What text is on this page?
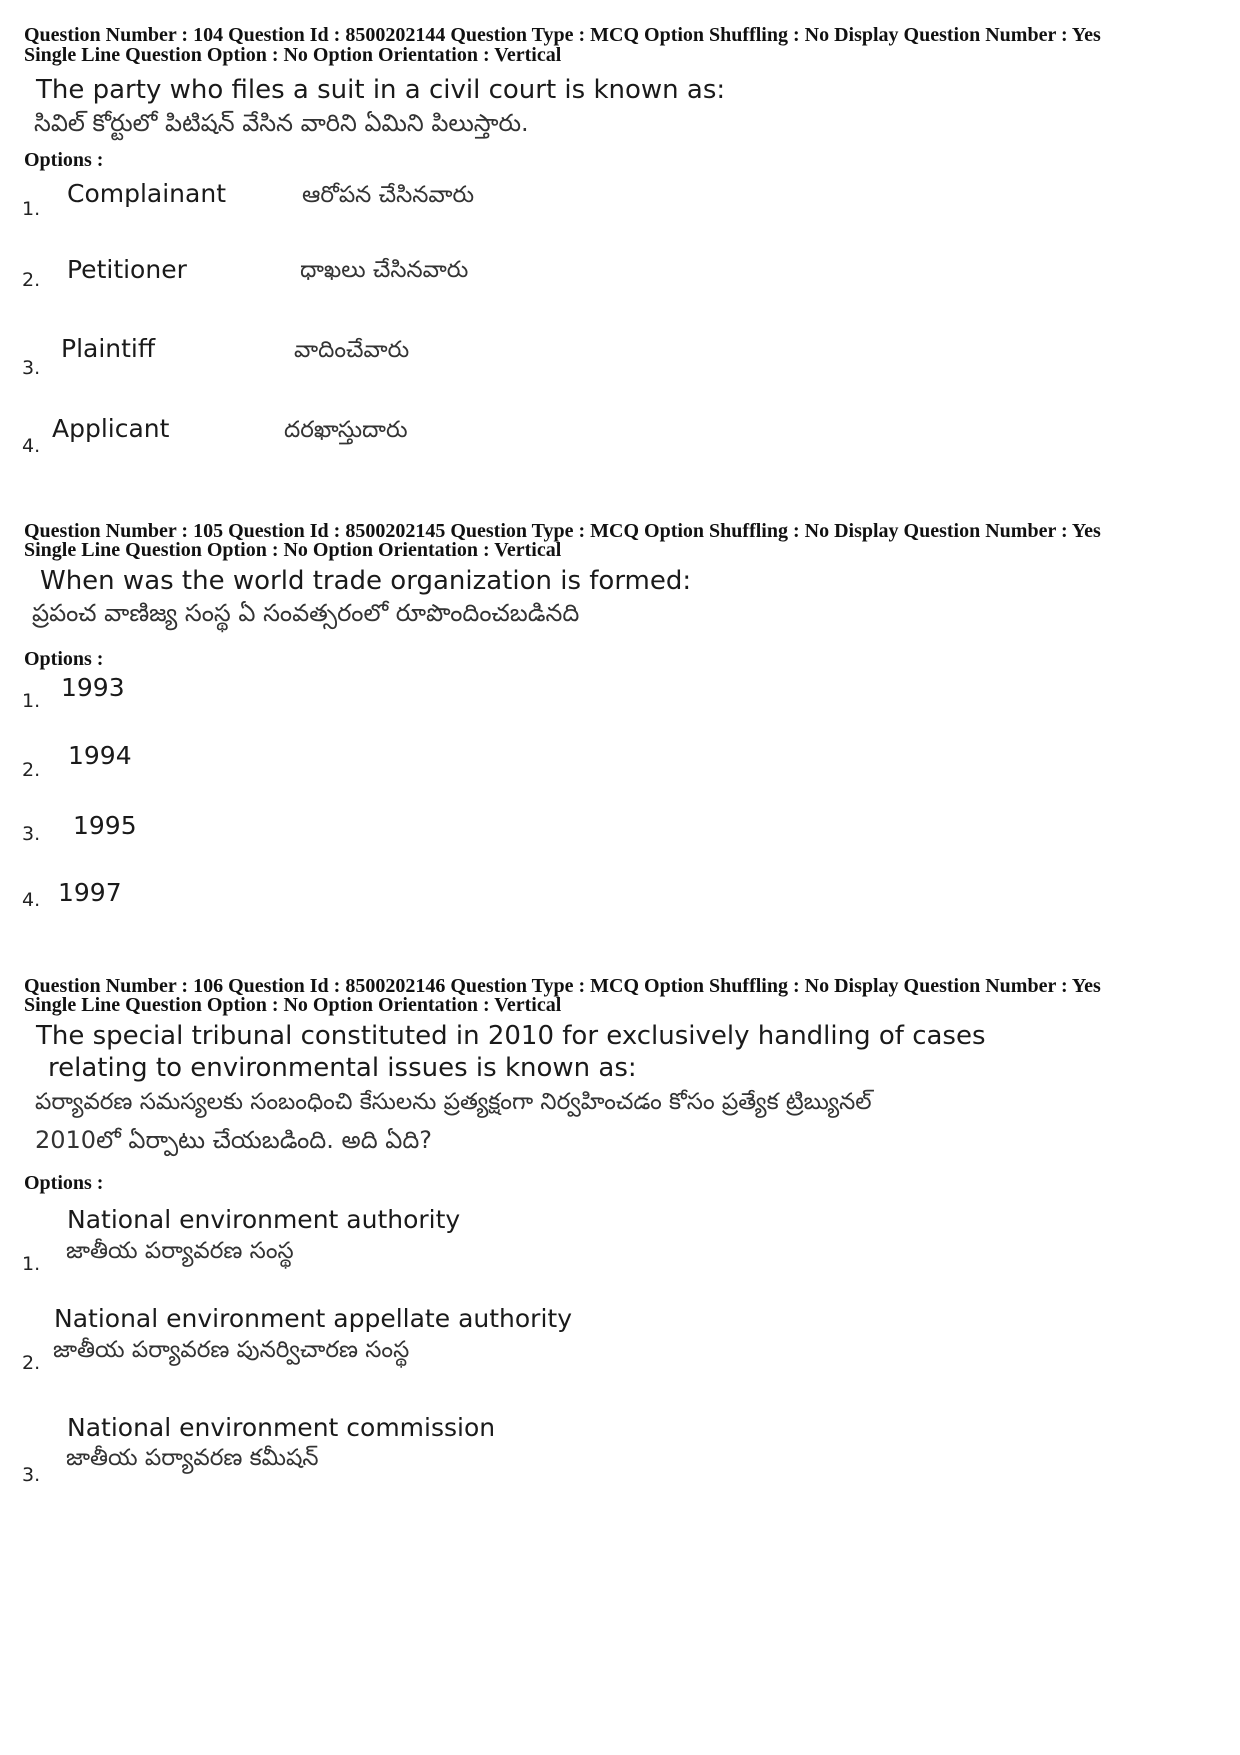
Question Number : 104 Question Id : 8500202144 Question Type : MCQ Option Shuffling : No Display Question Number : Yes
Single Line Question Option : No Option Orientation : Vertical
The party who files a suit in a civil court is known as:
సివిల్ కోర్టులో పిటిషన్ వేసిన వారిని ఏమిని పిలుస్తారు.
Options :
1.
Complainant	ఆరోపన చేసినవారు
2. Petitioner	ధాఖలు చేసినవారు
3.
Plaintiff	వాదించేవారు
4.
Applicant	దరఖాస్తుదారు
Question Number : 105 Question Id : 8500202145 Question Type : MCQ Option Shuffling : No Display Question Number : Yes
Single Line Question Option : No Option Orientation : Vertical
When was the world trade organization is formed:
ప్రపంచ వాణిజ్య సంస్థ ఏ సంవత్సరంలో రూపొందించబడినది
Options :
1. 1993
2. 1994
3. 1995
4. 1997
Question Number : 106 Question Id : 8500202146 Question Type : MCQ Option Shuffling : No Display Question Number : Yes
Single Line Question Option : No Option Orientation : Vertical
The special tribunal constituted in 2010 for exclusively handling of cases
relating to environmental issues is known as:
పర్యావరణ సమస్యలకు సంబంధించి కేసులను ప్రత్యక్షంగా నిర్వహించడం కోసం ప్రత్యేక ట్రిబ్యునల్
2010లో ఏర్పాటు చేయబడింది. అది ఏది?
Options :
1.
National environment authority
జాతీయ పర్యావరణ సంస్థ
2.
National environment appellate authority
జాతీయ పర్యావరణ పునర్విచారణ సంస్థ
3.
National environment commission
జాతీయ పర్యావరణ కమీషన్
